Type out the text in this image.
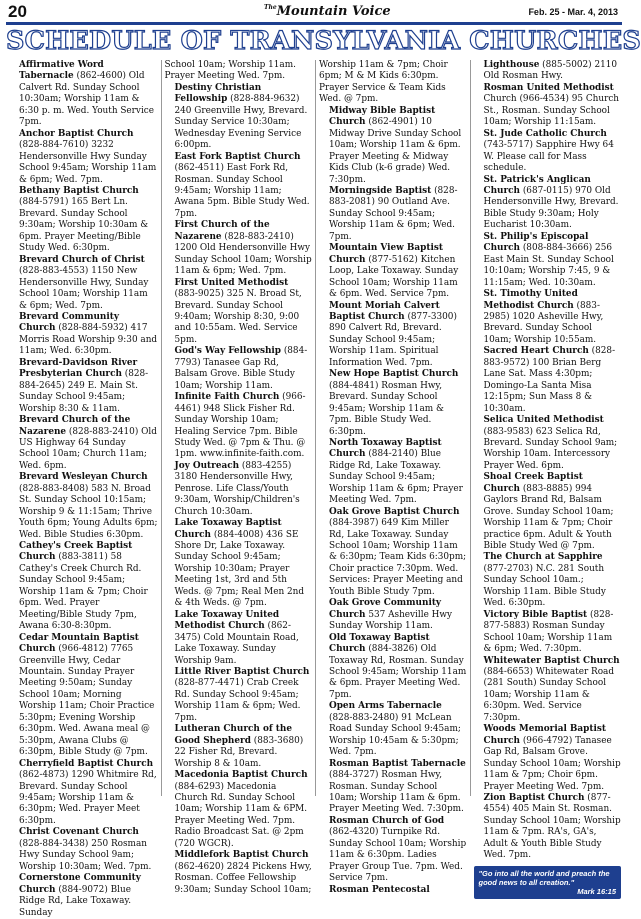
20	$^{The}$Mountain Voice	Feb. 25 - Mar. 4, 2013
SCHEDULE OF TRANSYLVANIA CHURCHES

Affirmative Word Tabernacle (862-4600) Old Calvert Rd. Sunday School 10:30am; Worship 11am & 6:30 p. m. Wed. Youth Service 7pm.

Anchor Baptist Church (828-884-7610) 3232 Hendersonville Hwy Sunday School 9:45am; Worship 11am & 6pm; Wed. 7pm.

Bethany Baptist Church (884-5791) 165 Bert Ln. Brevard. Sunday School 9:30am; Worship 10:30am & 6pm. Prayer Meeting/Bible Study Wed. 6:30pm.

Brevard Church of Christ (828-883-4553) 1150 New Hendersonville Hwy, Sunday School 10am; Worship 11am & 6pm; Wed. 7pm.

Brevard Community Church (828-884-5932) 417 Morris Road Worship 9:30 and 11am; Wed. 6:30pm.

Brevard-Davidson River Presbyterian Church (828-884-2645) 249 E. Main St. Sunday School 9:45am; Worship 8:30 & 11am.

Brevard Church of the Nazarene (828-883-2410) Old US Highway 64 Sunday School 10am; Church 11am; Wed. 6pm.

Brevard Wesleyan Church (828-883-8408) 583 N. Broad St. Sunday School 10:15am; Worship 9 & 11:15am; Thrive Youth 6pm; Young Adults 6pm; Wed. Bible Studies 6:30pm.

Cathey's Creek Baptist Church (883-3811) 58 Cathey's Creek Church Rd. Sunday School 9:45am; Worship 11am & 7pm; Choir 6pm. Wed. Prayer Meeting/Bible Study 7pm, Awana 6:30-8:30pm.

Cedar Mountain Baptist Church (966-4812) 7765 Greenville Hwy, Cedar Mountain. Sunday Prayer Meeting 9:50am; Sunday School 10am; Morning Worship 11am; Choir Practice 5:30pm; Evening Worship 6:30pm. Wed. Awana meal @ 5:30pm, Awana Clubs @ 6:30pm, Bible Study @ 7pm.

Cherryfield Baptist Church (862-4873) 1290 Whitmire Rd, Brevard. Sunday School 9:45am; Worship 11am & 6:30pm; Wed. Prayer Meet 6:30pm.

Christ Covenant Church (828-884-3438) 250 Rosman Hwy Sunday School 9am; Worship 10:30am; Wed. 7pm.

Cornerstone Community Church (884-9072) Blue Ridge Rd, Lake Toxaway. Sunday

School 10am; Worship 11am. Prayer Meeting Wed. 7pm.

Destiny Christian Fellowship (828-884-9632) 240 Greenville Hwy, Brevard. Sunday Service 10:30am; Wednesday Evening Service 6:00pm.

East Fork Baptist Church (862-4511) East Fork Rd, Rosman. Sunday School 9:45am; Worship 11am; Awana 5pm. Bible Study Wed. 7pm.

First Church of the Nazarene (828-883-2410) 1200 Old Hendersonville Hwy Sunday School 10am; Worship 11am & 6pm; Wed. 7pm.

First United Methodist (883-9025) 325 N. Broad St, Brevard. Sunday School 9:40am; Worship 8:30, 9:00 and 10:55am. Wed. Service 5pm.

God's Way Fellowship (884-7793) Tanasee Gap Rd, Balsam Grove. Bible Study 10am; Worship 11am.

Infinite Faith Church (966-4461) 948 Slick Fisher Rd. Sunday Worship 10am; Healing Service 7pm. Bible Study Wed. @ 7pm & Thu. @ 1pm. www.infinite-faith.com.

Joy Outreach (883-4255) 3180 Hendersonville Hwy, Penrose. Life Class/Youth 9:30am, Worship/Children's Church 10:30am.

Lake Toxaway Baptist Church (884-4008) 436 SE Shore Dr, Lake Toxaway. Sunday School 9:45am; Worship 10:30am; Prayer Meeting 1st, 3rd and 5th Weds. @ 7pm; Real Men 2nd & 4th Weds. @ 7pm.

Lake Toxaway United Methodist Church (862-3475) Cold Mountain Road, Lake Toxaway. Sunday Worship 9am.

Little River Baptist Church (828-877-4471) Crab Creek Rd. Sunday School 9:45am; Worship 11am & 6pm; Wed. 7pm.

Lutheran Church of the Good Shepherd (883-3680) 22 Fisher Rd, Brevard. Worship 8 & 10am.

Macedonia Baptist Church (884-6293) Macedonia Church Rd. Sunday School 10am; Worship 11am & 6PM. Prayer Meeting Wed. 7pm. Radio Broadcast Sat. @ 2pm (720 WGCR).

Middlefork Baptist Church (862-4620) 2824 Pickens Hwy, Rosman. Coffee Fellowship 9:30am; Sunday School 10am;

Worship 11am & 7pm; Choir 6pm; M & M Kids 6:30pm. Prayer Service & Team Kids Wed. @ 7pm.

Midway Bible Baptist Church (862-4901) 10 Midway Drive Sunday School 10am; Worship 11am & 6pm. Prayer Meeting & Midway Kids Club (k-6 grade) Wed. 7:30pm.

Morningside Baptist (828-883-2081) 90 Outland Ave. Sunday School 9:45am; Worship 11am & 6pm; Wed. 7pm.

Mountain View Baptist Church (877-5162) Kitchen Loop, Lake Toxaway. Sunday School 10am; Worship 11am & 6pm. Wed. Service 7pm.

Mount Moriah Calvert Baptist Church (877-3300) 890 Calvert Rd, Brevard. Sunday School 9:45am; Worship 11am. Spiritual Information Wed. 7pm.

New Hope Baptist Church (884-4841) Rosman Hwy, Brevard. Sunday School 9:45am; Worship 11am & 7pm. Bible Study Wed. 6:30pm.

North Toxaway Baptist Church (884-2140) Blue Ridge Rd, Lake Toxaway. Sunday School 9:45am; Worship 11am & 6pm; Prayer Meeting Wed. 7pm.

Oak Grove Baptist Church (884-3987) 649 Kim Miller Rd, Lake Toxaway. Sunday School 10am; Worship 11am & 6:30pm; Team Kids 6:30pm; Choir practice 7:30pm. Wed. Services: Prayer Meeting and Youth Bible Study 7pm.

Oak Grove Community Church 537 Asheville Hwy Sunday Worship 11am.

Old Toxaway Baptist Church (884-3826) Old Toxaway Rd, Rosman. Sunday School 9:45am; Worship 11am & 6pm. Prayer Meeting Wed. 7pm.

Open Arms Tabernacle (828-883-2480) 91 McLean Road Sunday School 9:45am; Worship 10:45am & 5:30pm; Wed. 7pm.

Rosman Baptist Tabernacle (884-3727) Rosman Hwy, Rosman. Sunday School 10am; Worship 11am & 6pm. Prayer Meeting Wed. 7:30pm.

Rosman Church of God (862-4320) Turnpike Rd. Sunday School 10am; Worship 11am & 6:30pm. Ladies Prayer Group Tue. 7pm. Wed. Service 7pm.

Rosman Pentecostal

Lighthouse (885-5002) 2110 Old Rosman Hwy.

Rosman United Methodist Church (966-4534) 95 Church St., Rosman. Sunday School 10am; Worship 11:15am.

St. Jude Catholic Church (743-5717) Sapphire Hwy 64 W. Please call for Mass schedule.

St. Patrick's Anglican Church (687-0115) 970 Old Hendersonville Hwy, Brevard. Bible Study 9:30am; Holy Eucharist 10:30am.

St. Philip's Episcopal Church (808-884-3666) 256 East Main St. Sunday School 10:10am; Worship 7:45, 9 & 11:15am; Wed. 10:30am.

St. Timothy United Methodist Church (883-2985) 1020 Asheville Hwy, Brevard. Sunday School 10am; Worship 10:55am.

Sacred Heart Church (828-883-9572) 100 Brian Berg Lane Sat. Mass 4:30pm; Domingo-La Santa Misa 12:15pm; Sun Mass 8 & 10:30am.

Selica United Methodist (883-9583) 623 Selica Rd, Brevard. Sunday School 9am; Worship 10am. Intercessory Prayer Wed. 6pm.

Shoal Creek Baptist Church (883-8885) 994 Gaylors Brand Rd, Balsam Grove. Sunday School 10am; Worship 11am & 7pm; Choir practice 6pm. Adult & Youth Bible Study Wed @ 7pm.

The Church at Sapphire (877-2703) N.C. 281 South Sunday School 10am.; Worship 11am. Bible Study Wed. 6:30pm.

Victory Bible Baptist (828-877-5883) Rosman Sunday School 10am; Worship 11am & 6pm; Wed. 7:30pm.

Whitewater Baptist Church (884-6653) Whitewater Road (281 South) Sunday School 10am; Worship 11am & 6:30pm. Wed. Service 7:30pm.

Woods Memorial Baptist Church (966-4792) Tanasee Gap Rd, Balsam Grove. Sunday School 10am; Worship 11am & 7pm; Choir 6pm. Prayer Meeting Wed. 7pm.

Zion Baptist Church (877-4554) 405 Main St. Rosman. Sunday School 10am; Worship 11am & 7pm. RA's, GA's, Adult & Youth Bible Study Wed. 7pm.

"Go into all the world and preach the good news to all creation."
Mark 16:15
